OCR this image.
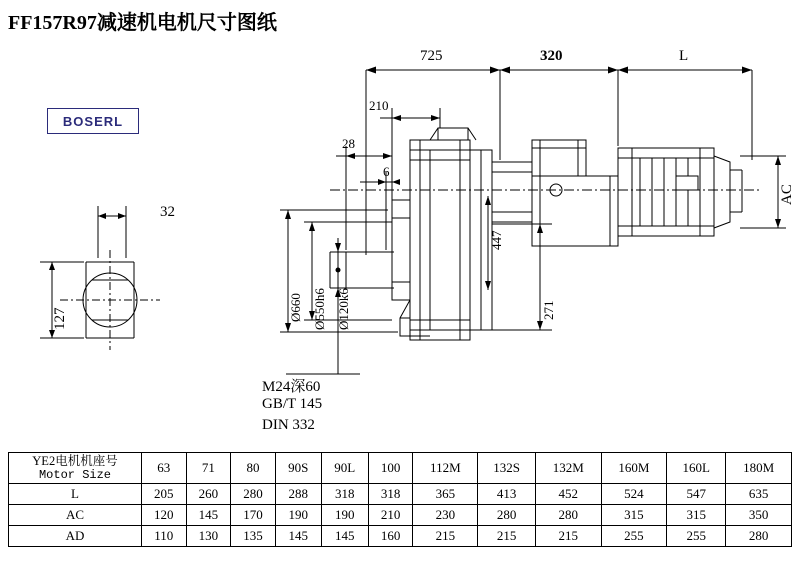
FF157R97减速机电机尺寸图纸
BOSERL
725	320	L
210
28
6
32
127	Ø660 Ø550h6 Ø120k6
447
271
AC
M24深60
GB/T 145
DIN 332
YE2电机机座号
Motor Size	63	71	80	90S	90L	100	112M	132S	132M	160M	160L	180M
L	205	260	280	288	318	318	365	413	452	524	547	635
AC	120	145	170	190	190	210	230	280	280	315	315	350
AD	110	130	135	145	145	160	215	215	215	255	255	280
